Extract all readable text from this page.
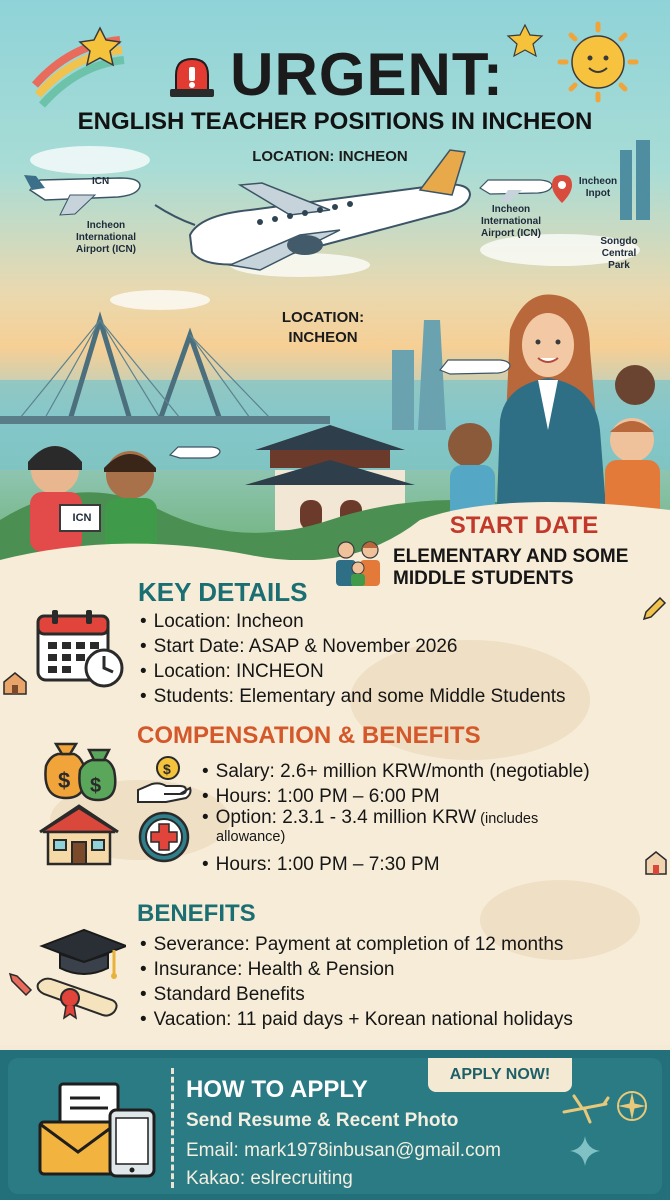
URGENT:
ENGLISH TEACHER POSITIONS IN INCHEON
LOCATION: INCHEON
LOCATION:
INCHEON
ICN
Incheon
International
Airport (ICN)
Incheon
International
Airport (ICN)
Incheon
Inpot
Songdo
Central
Park
ICN	START DATE
ELEMENTARY AND SOME
MIDDLE STUDENTS
KEY DETAILS
• Location: Incheon
• Start Date: ASAP & November 2026
• Location: INCHEON
• Students: Elementary and some Middle Students
COMPENSATION & BENEFITS
$ $
$
•	Salary: 2.6+ million KRW/month (negotiable)
• Hours: 1:00 PM – 6:00 PM
• Option: 2.3.1 - 3.4 million KRW (includes
allowance)
• Hours: 1:00 PM – 7:30 PM
BENEFITS
• Severance: Payment at completion of 12 months
• Insurance: Health & Pension
• Standard Benefits
• Vacation: 11 paid days + Korean national holidays
HOW TO APPLY
Send Resume & Recent Photo
Email: mark1978inbusan@gmail.com
Kakao: eslrecruiting
APPLY NOW!
